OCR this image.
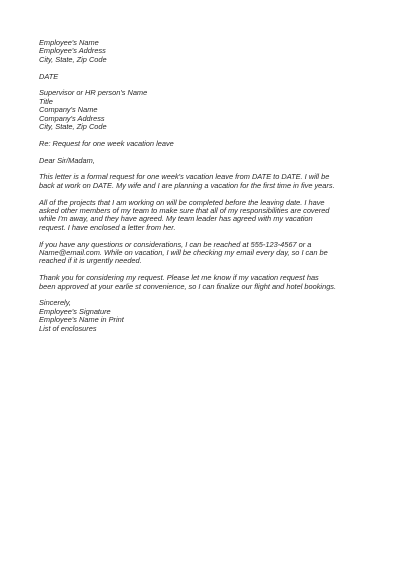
Employee's Name
Employee's Address
City, State, Zip Code
DATE
Supervisor or HR person's Name
Title
Company's Name
Company's Address
City, State, Zip Code
Re: Request for one week vacation leave
Dear Sir/Madam,
This letter is a formal request for one week's vacation leave from DATE to DATE. I will be
back at work on DATE. My wife and I are planning a vacation for the first time in five years.
All of the projects that I am working on will be completed before the leaving date. I have
asked other members of my team to make sure that all of my responsibilities are covered
while I'm away, and they have agreed. My team leader has agreed with my vacation
request. I have enclosed a letter from her.
If you have any questions or considerations, I can be reached at 555-123-4567 or a
Name@email.com. While on vacation, I will be checking my email every day, so I can be
reached if it is urgently needed.
Thank you for considering my request. Please let me know if my vacation request has
been approved at your earlie st convenience, so I can finalize our flight and hotel bookings.
Sincerely,
Employee's Signature
Employee's Name in Print
List of enclosures
